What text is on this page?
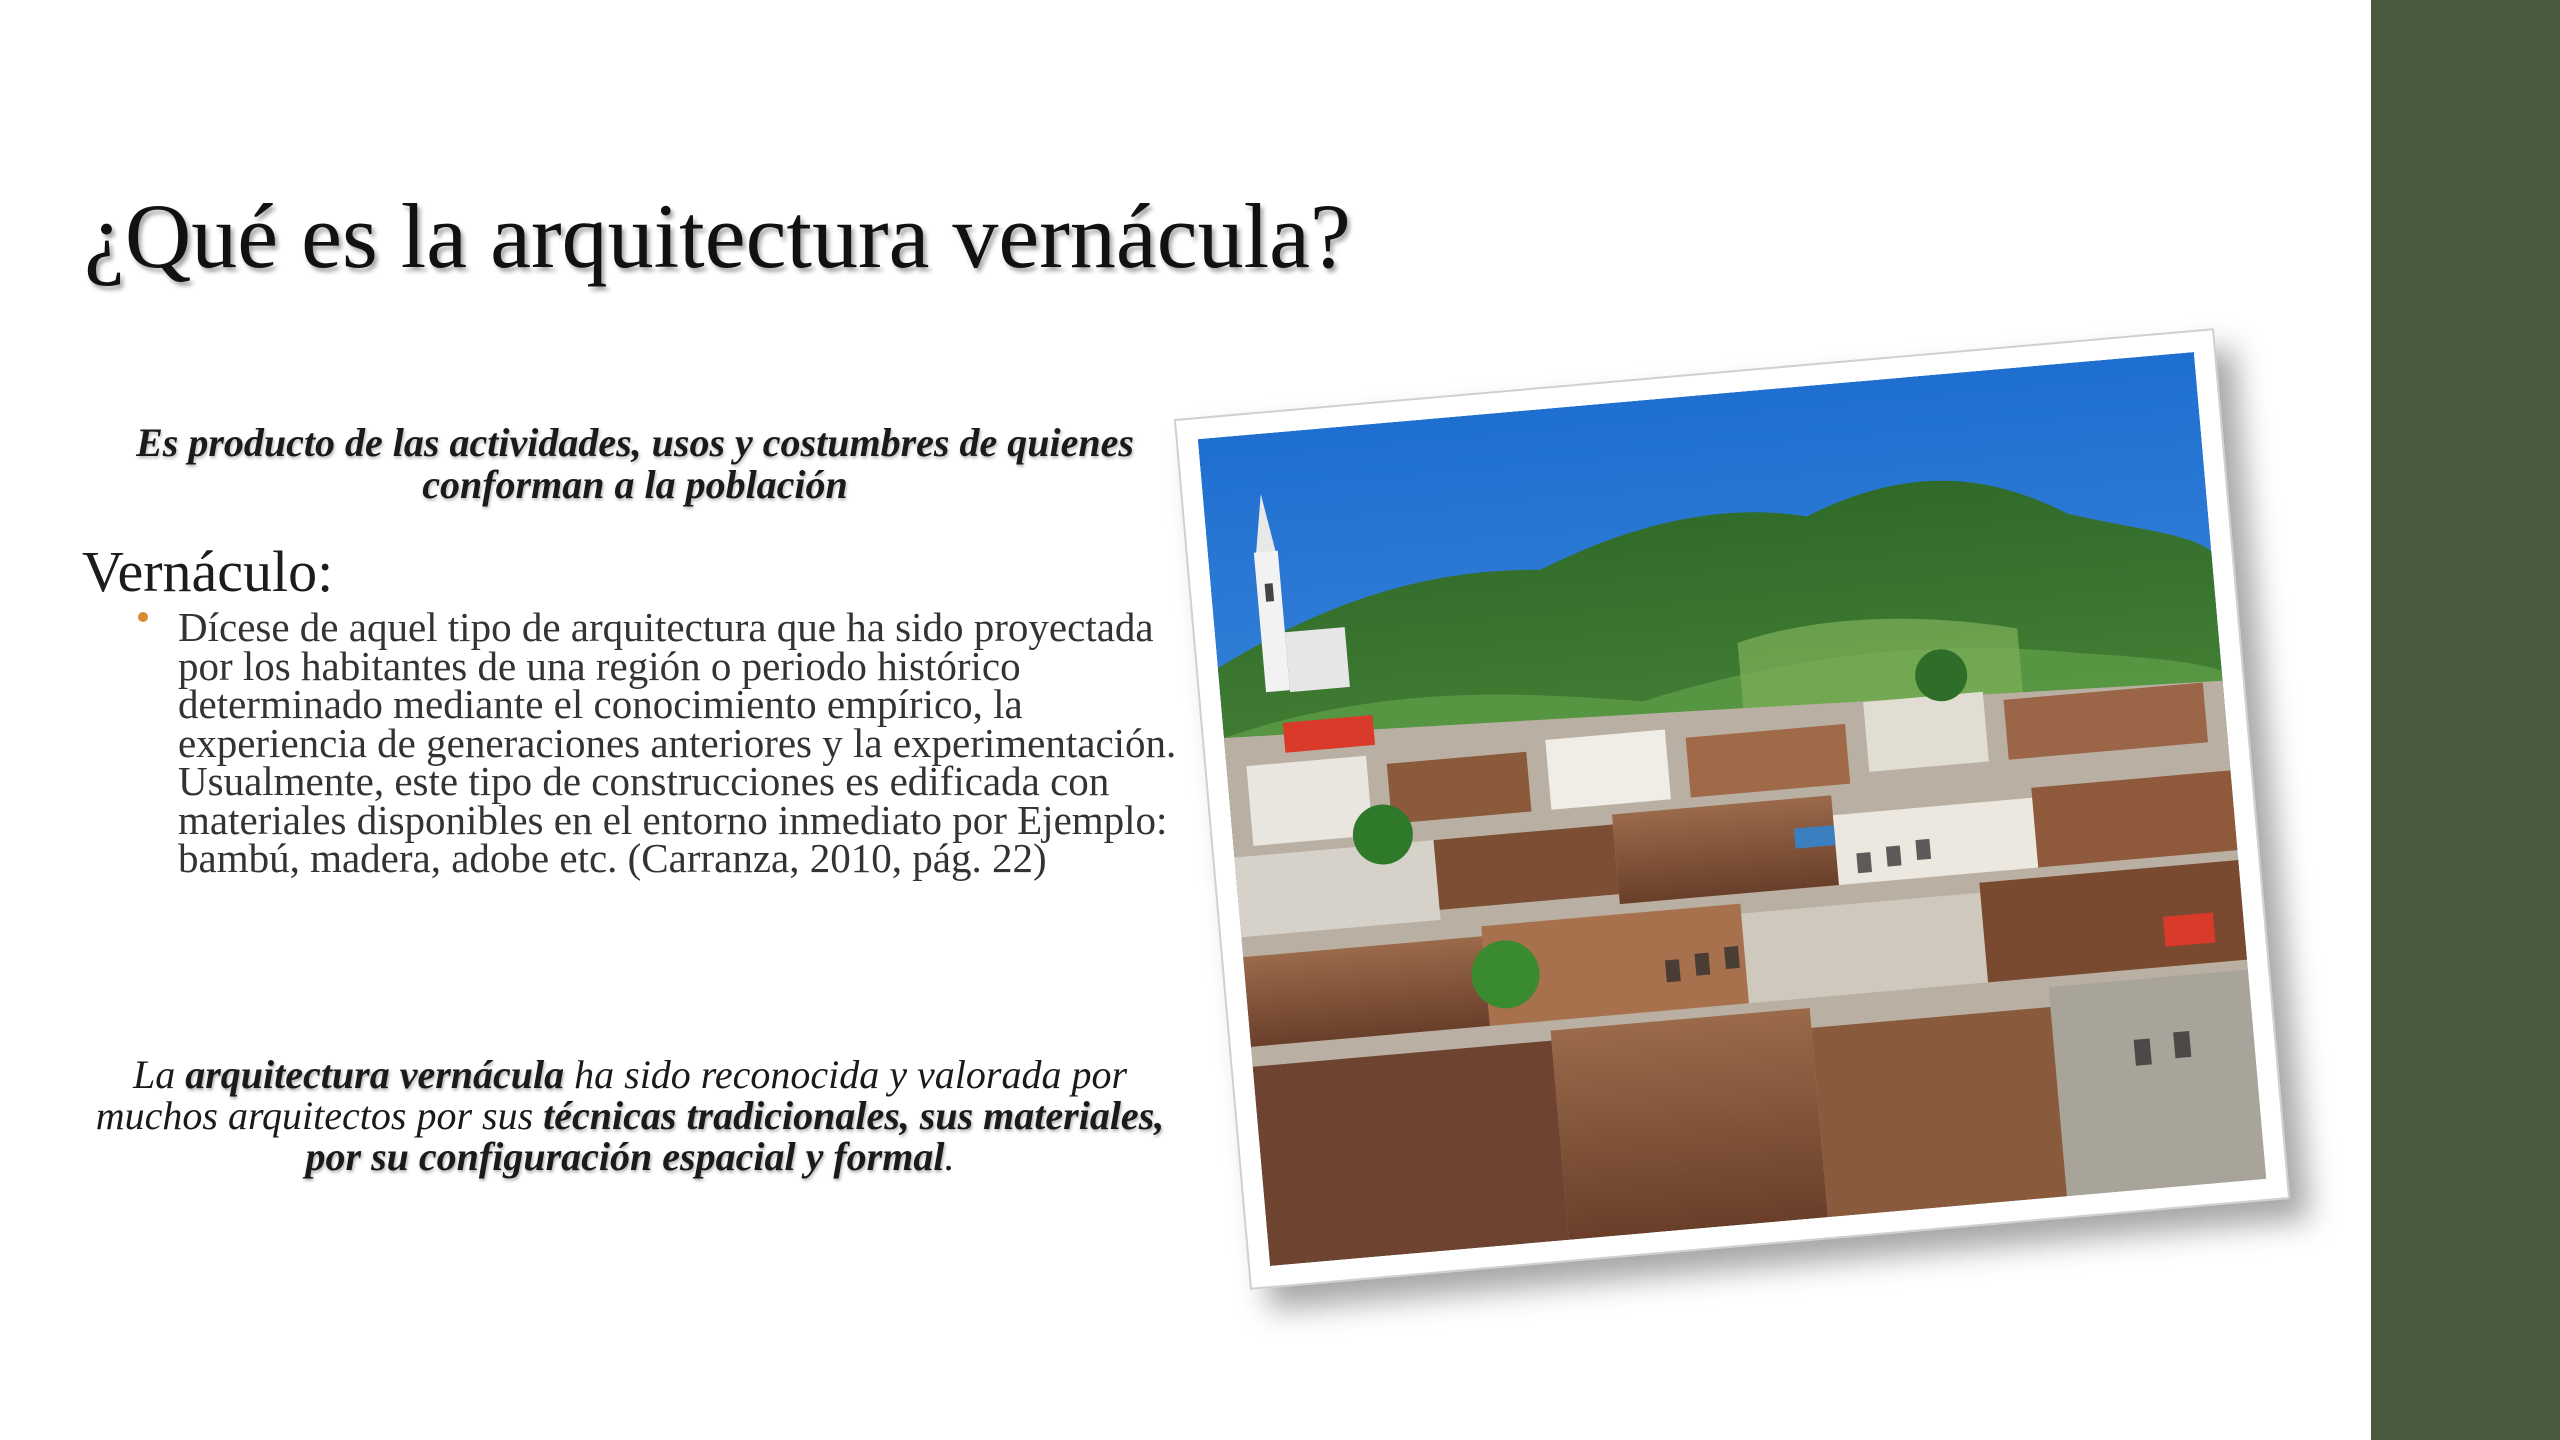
¿Qué es la arquitectura vernácula?
Es producto de las actividades, usos y costumbres de quienes conforman a la población
Vernáculo:
Dícese de aquel tipo de arquitectura que ha sido proyectada por los habitantes de una región o periodo histórico determinado mediante el conocimiento empírico, la experiencia de generaciones anteriores y la experimentación. Usualmente, este tipo de construcciones es edificada con materiales disponibles en el entorno inmediato por Ejemplo: bambú, madera, adobe etc. (Carranza, 2010, pág. 22)
La arquitectura vernácula ha sido reconocida y valorada por muchos arquitectos por sus técnicas tradicionales, sus materiales, por su configuración espacial y formal.
